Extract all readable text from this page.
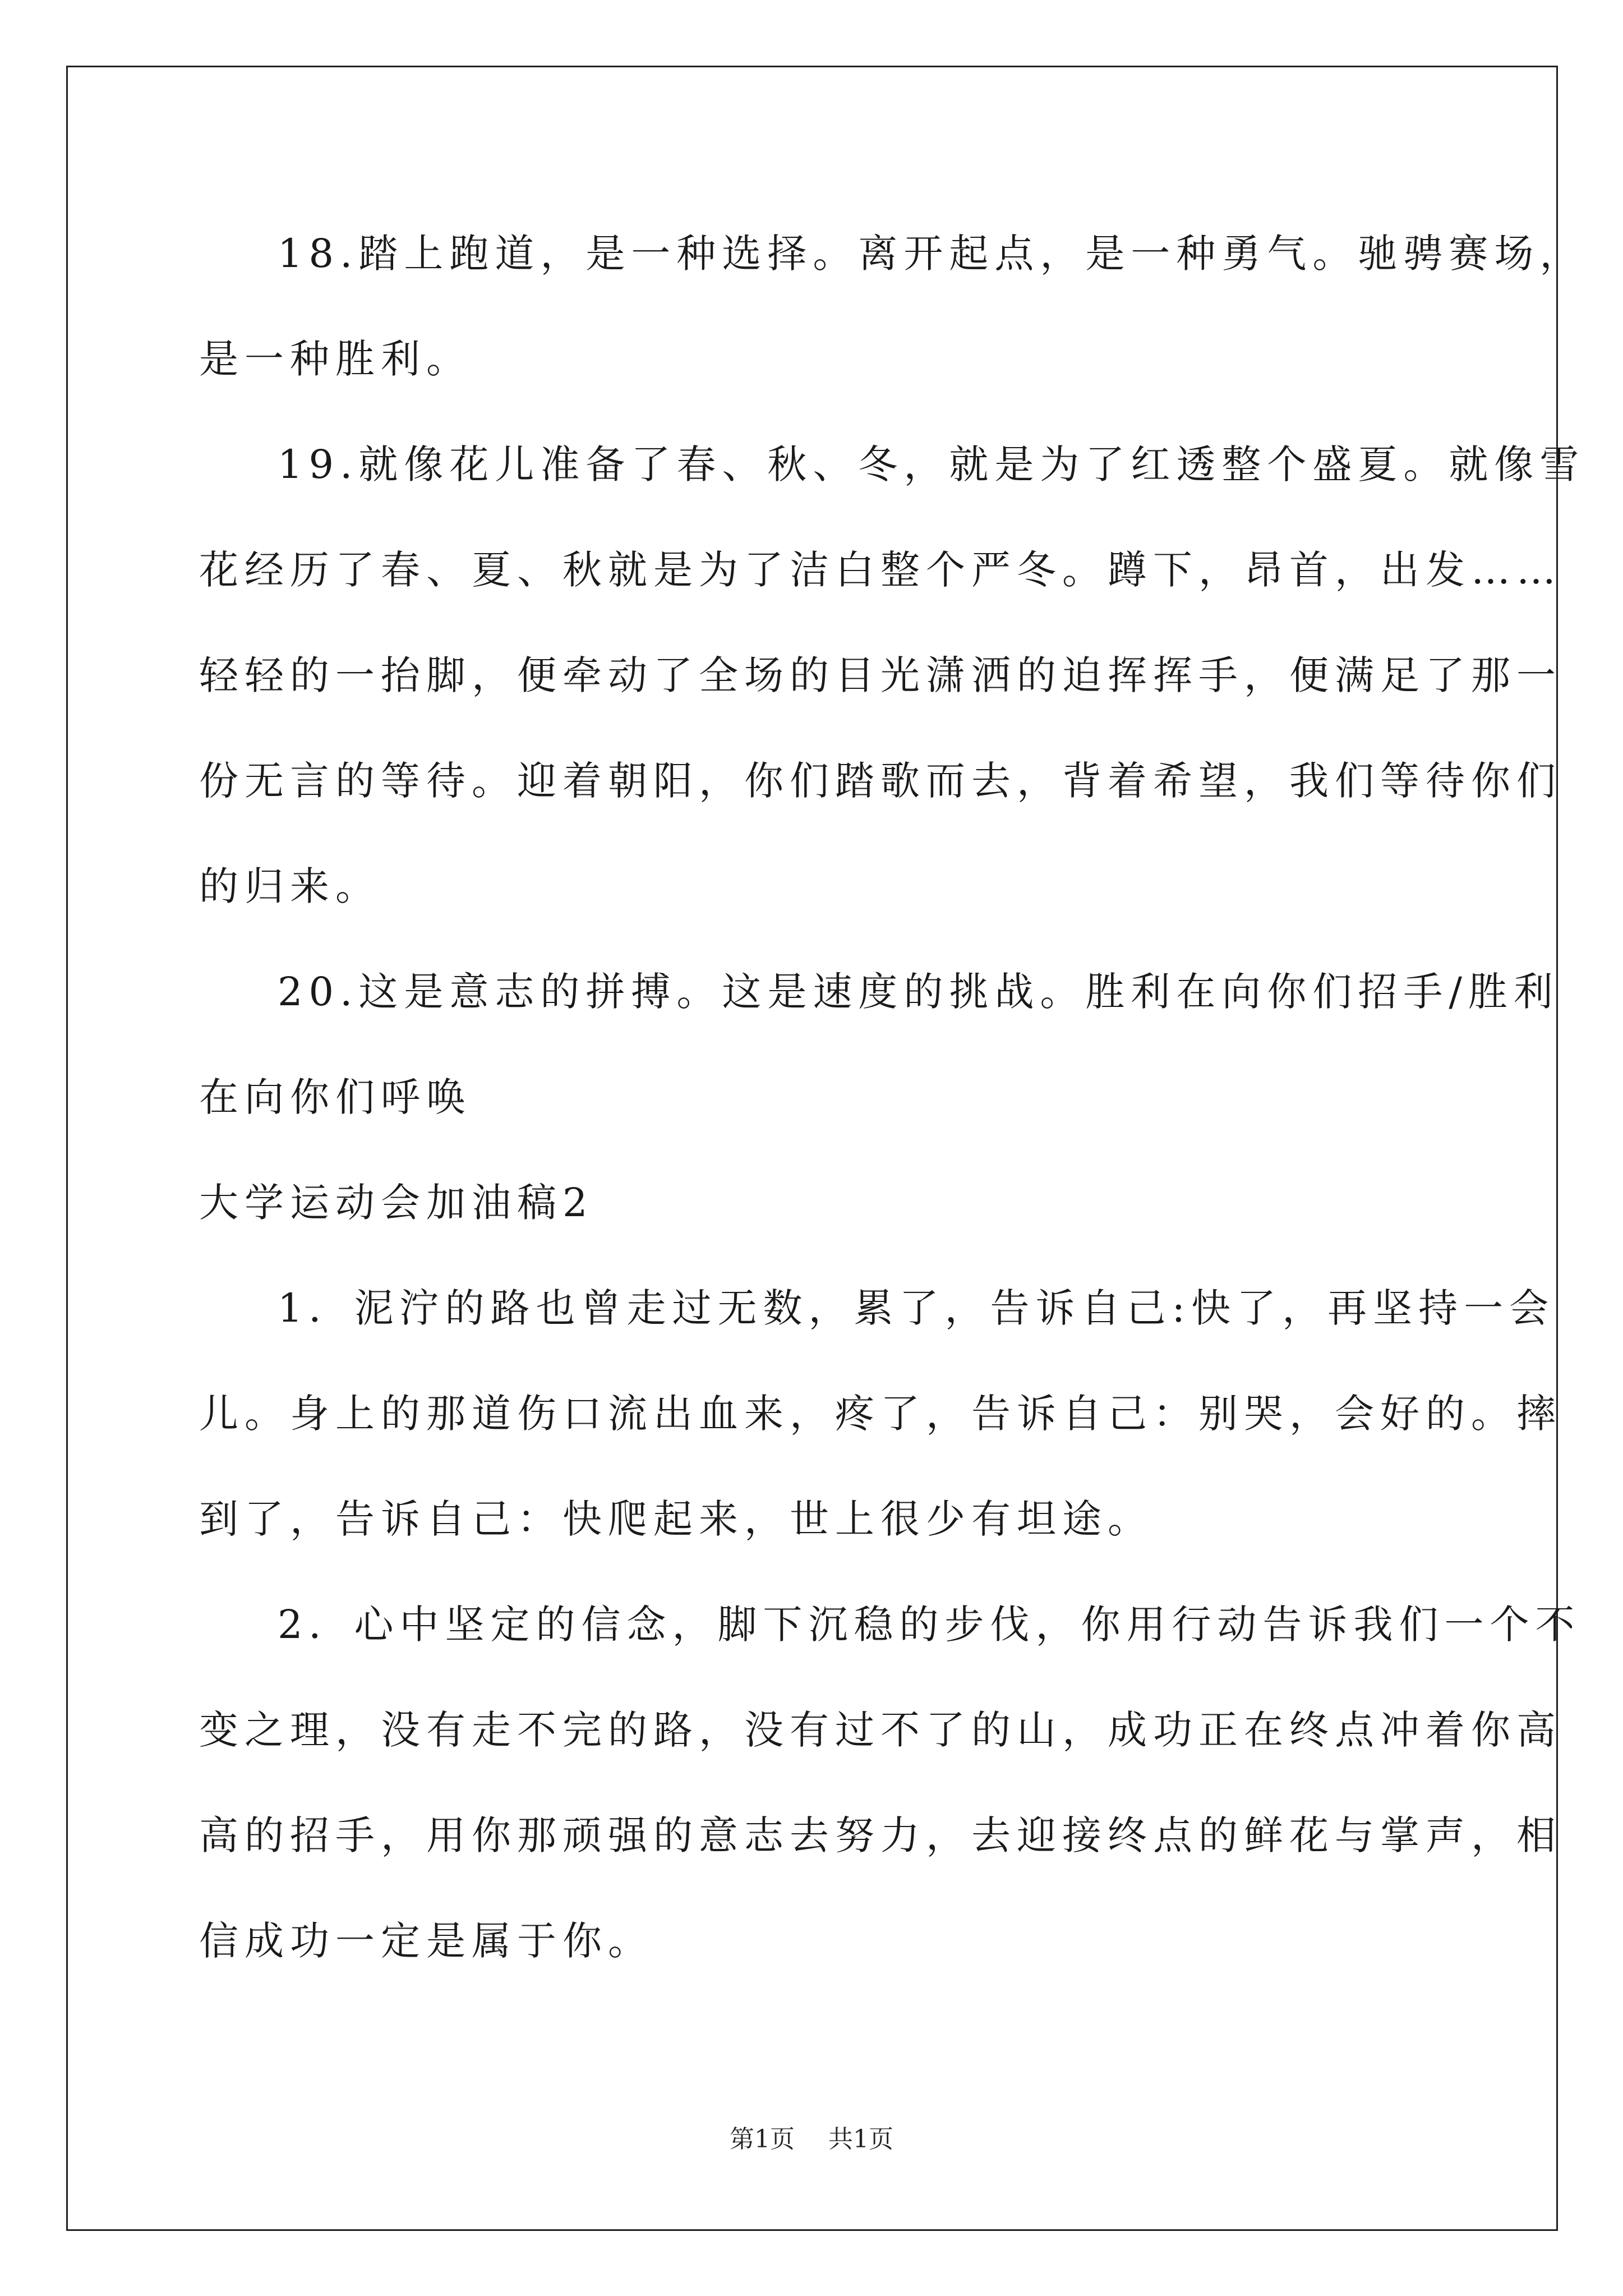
18.踏上跑道，是一种选择。离开起点，是一种勇气。驰骋赛场，
是一种胜利。
19.就像花儿准备了春、秋、冬，就是为了红透整个盛夏。就像雪
花经历了春、夏、秋就是为了洁白整个严冬。蹲下，昂首，出发……
轻轻的一抬脚，便牵动了全场的目光潇洒的迫挥挥手，便满足了那一
份无言的等待。迎着朝阳，你们踏歌而去，背着希望，我们等待你们
的归来。
20.这是意志的拼搏。这是速度的挑战。胜利在向你们招手/胜利
在向你们呼唤
大学运动会加油稿2
1．泥泞的路也曾走过无数，累了，告诉自己:快了，再坚持一会
儿。身上的那道伤口流出血来，疼了，告诉自己：别哭，会好的。摔
到了，告诉自己：快爬起来，世上很少有坦途。
2．心中坚定的信念，脚下沉稳的步伐，你用行动告诉我们一个不
变之理，没有走不完的路，没有过不了的山，成功正在终点冲着你高
高的招手，用你那顽强的意志去努力，去迎接终点的鲜花与掌声，相
信成功一定是属于你。
第1页 共1页
